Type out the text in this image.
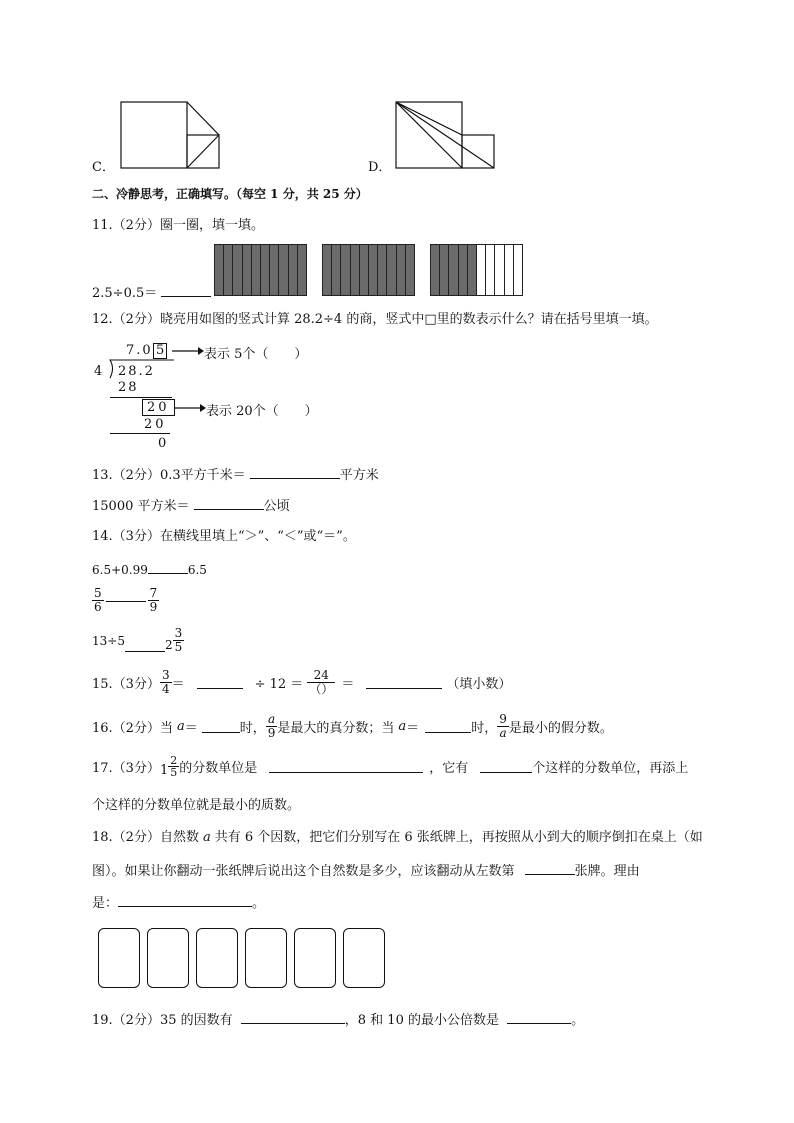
C．	D．
二、冷静思考，正确填写。（每空 1 分，共 25 分）
11.（2分）圈一圈，填一填。
2.5÷0.5＝
12.（2分）晓亮用如图的竖式计算 28.2÷4 的商，竖式中□里的数表示什么？请在括号里填一填。
7.0 5	表示 5个（　　）
4 28.2
28
20	表示 20个（　　）
20
0
13.（2分）0.3平方千米＝	平方米
15000 平方米＝	公顷
14.（3分）在横线里填上“＞”、“＜”或“＝”。
6.5+0.99	6.5
$\frac{5}{6}$	$\frac{7}{9}$
13÷5	$2 \frac{3}{5}$
15.（3分） $\frac{3}{4}$ ＝	÷ $12 = \frac{24}{()}$ ＝	（填小数）
16.（2分）当 a ＝	时， $\frac{a}{9}$ 是最大的真分数；当 a ＝	时， $\frac{9}{a}$ 是最小的假分数。
17.（3分） $1 \frac{2}{5}$ 的分数单位是	，它有	个这样的分数单位，再添上
个这样的分数单位就是最小的质数。
18.（2分）自然数 a 共有 6 个因数，把它们分别写在 6 张纸牌上，再按照从小到大的顺序倒扣在桌上（如
图）。如果让你翻动一张纸牌后说出这个自然数是多少，应该翻动从左数第	张牌。理由
是：	。
19.（2分）35 的因数有	，8 和 10 的最小公倍数是	。
